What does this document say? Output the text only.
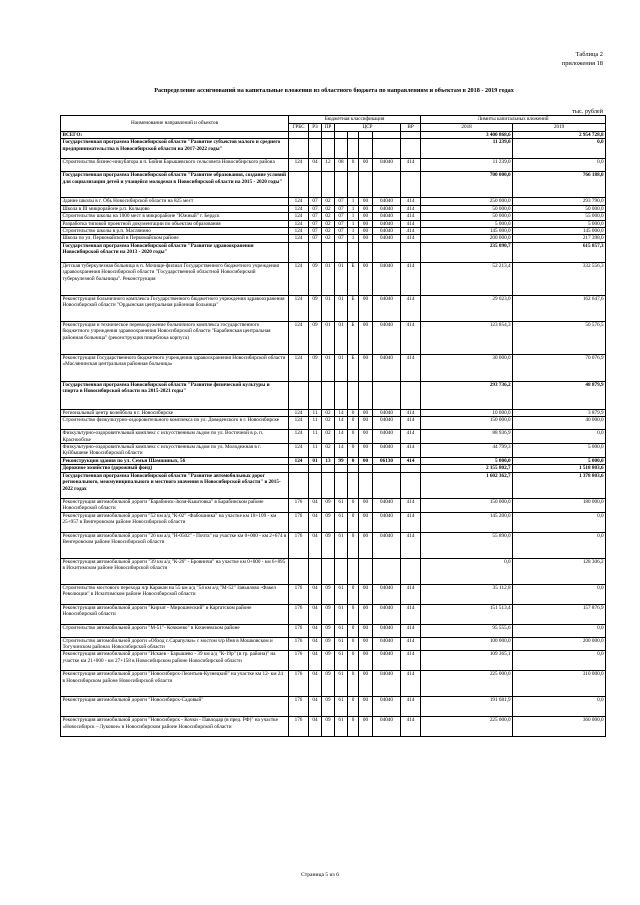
Таблица 2
приложения 18
Распределение ассигнований на капитальные вложения из областного бюджета по направлениям и объектам в 2018 - 2019 годах
тыс. рублей
Наименование направлений и объектов	Бюджетная классификация								Лимиты капитальных вложений	
	ГРБС	РЗ	ПР	ЦСР				ВР	2018	2019
ВСЕГО:									3 400 868,6	2 954 728,8
Государственная программа Новосибирской области "Развитие субъектов малого и среднего предпринимательства в Новосибирской области на 2017-2022 годы"									11 239,0	0,0
Строительство бизнес-инкубатора в п. Бойня Барышевского сельсовета Новосибирского района	124	04	12	08	0	00	04040	414	11 239,0	0,0
Государственная программа Новосибирской области "Развитие образования, создание условий для социализации детей и учащейся молодежи в Новосибирской области на 2015 - 2020 годы"									700 000,0	766 188,0
Здание школы в г. Обь Новосибирской области на 825 мест	124	07	02	07	1	00	04040	414	250 000,0	293 790,0
Школа в III микрорайоне р.п. Кольцово	124	07	02	07	1	00	04040	414	50 000,0	50 000,0
Строительство школы на 1000 мест в микрорайоне "Южный" г. Бердск	124	07	02	07	1	00	04040	414	50 000,0	55 000,0
Разработка типовой проектной документации по объектам образования	124	07	02	07	1	00	04040	414	5 000,0	5 000,0
Строительство школы в р.п. Маслянино	124	07	02	07	1	00	04040	414	145 000,0	145 000,0
Школа по ул. Первомайской в Первомайском районе	124	07	02	07	1	00	04040	414	200 000,0	217 398,0
Государственная программа Новосибирской области "Развитие здравоохранения Новосибирской области на 2013 - 2020 годы"									235 090,7	615 857,3
Детская туберкулезная больница в п. Мочище-филиал Государственного бюджетного учреждения здравоохранения Новосибирской области "Государственной областной Новосибирский туберкулезной больницы". Реконструкция	124	09	01	01	Б	00	04040	414	52 213,4	332 556,3
Реконструкция больничного комплекса Государственного бюджетного учреждения здравоохранения Новосибирской области "Ордынская центральная районная больница"	124	09	01	01	Б	00	04040	414	29 023,0	162 647,6
Реконструкция и техническое перевооружение больничного комплекса государственного бюджетного учреждения здравоохранения Новосибирской области "Барабинская центральная районная больница" (реконструкция пищеблока корпуса)	124	09	01	01	Б	00	04040	414	123 854,3	50 576,5
Реконструкция Государственного бюджетного учреждения здравоохранения Новосибирской области «Маслянинская центральная районная больница»	124	09	01	01	Б	00	04040	414	30 000,0	70 076,9
Государственная программа Новосибирской области "Развитие физической культуры и спорта в Новосибирской области на 2015-2021 годы"									293 736,2	48 879,9
Региональный центр волейбола в г. Новосибирске	124	11	02	14	0	00	04040	414	10 000,0	3 879,9
Строительство физкультурно-оздоровительного комплекса по ул. Доведенского в г. Новосибирске	124	11	02	14	0	00	04040	414	150 000,0	40 000,0
Физкультурно-оздоровительный комплекс с искусственным льдом по ул. Восточной в р. п. Краснообске	124	11	02	14	0	00	04040	414	88 936,9	0,0
Физкультурно-оздоровительный комплекс с искусственным льдом по ул. Молодежная в г. Куйбышеве Новосибирской области	124	11	02	14	0	00	04040	414	44 799,3	5 000,0
Реконструкция здания по ул. Семьи Шамшиных, 56	124	01	13	99	0	00	06130	414	5 000,0	5 000,0
Дорожное хозяйство (дорожный фонд)									2 155 802,7	1 518 803,6
Государственная программа Новосибирской области "Развитие автомобильных дорог регионального, межмуниципального и местного значения в Новосибирской области" в 2015-2022 годах									1 602 362,7	1 378 803,6
Реконструкция автомобильной дороги "Барабинск-Зюзя-Кыштовка" в Барабинском районе Новосибирской области	176	04	09	61	0	00	04040	414	150 000,0	180 000,0
Реконструкция автомобильной дороги "52 км а/д "К-02" -Фабошинка" на участке км 18+109 - км 25+957 в Венгеровском районе Новосибирской области	176	04	09	61	0	00	04040	414	145 200,0	0,0
Реконструкция автомобильной дороги "26 км а/д "Н-0502" - Почта" на участке км 0+000 - км 2+674 в Венгеровском районе Новосибирской области	176	04	09	61	0	00	04040	414	55 890,0	0,0
Реконструкция автомобильной дороги "39 км а/д "К-26" - Бровничи" на участке км 0+000 - км 6+895 в Искитимском районе Новосибирской области									0,0	128 306,2
Строительство мостового перехода ч/р Каракан на 55 км а/д "54 км а/д "М-52" Завьялово -Факел Революции" в Искитимском районе Новосибирской области	176	04	09	61	0	00	04040	414	35 112,8	0,0
Реконструкция автомобильной дороги "Кирзат - Мирошнеский" в Каргатском районе Новосибирской области	176	04	09	61	0	00	04040	414	151 513,4	157 876,9
Строительство автомобильной дороги "М-51"- Кочкоево" в Коченевском районе	176	04	09	61	0	00	04040	414	95 555,6	0,0
Строительство автомобильной дороги «Обход с.Сарапулки» с мостом ч/р Иня в Мошковском и Тогучинском районах Новосибирской области	176	04	09	61	0	00	04040	414	100 000,0	200 000,0
Реконструкция автомобильной дороги "Искаев - Барышево - 39 км а/д "К-19р" (в гр. района)" на участке км 21+000 - км 27+158 в Новосибирском районе Новосибирской области	176	04	09	61	0	00	04040	414	109 365,1	0,0
Реконструкция автомобильной дороги "Новосибирск-Леонтьев-Кузнецкий" на участке км 12- км 24 в Новосибирском районе Новосибирской области	176	04	09	61	0	00	04040	414	225 000,0	310 000,0
Реконструкция автомобильной дороги "Новосибирск-Садовый"	176	04	09	61	0	00	04040	414	191 681,9	0,0
Реконструкция автомобильной дороги "Новосибирск - Кочки - Павлодар (в пред. РФ)" на участке «Новосибирск – Луковое» в Новосибирском районе Новосибирской области	176	04	09	61	0	00	04040	414	225 000,0	360 000,0
Страница 5 из 6
